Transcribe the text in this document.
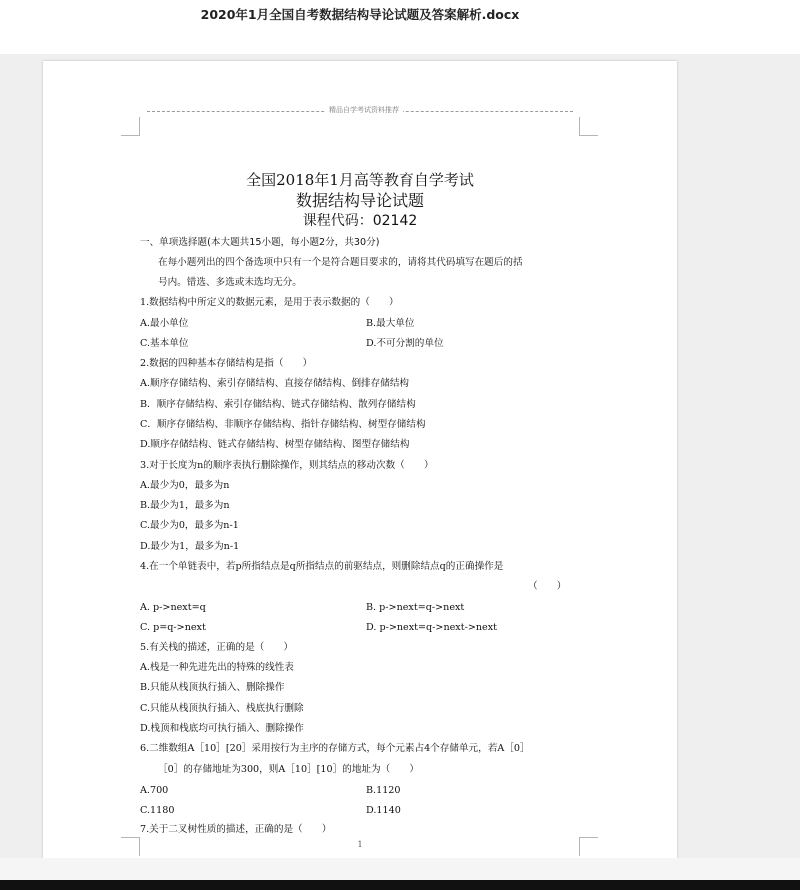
2020年1月全国自考数据结构导论试题及答案解析.docx
精品自学考试资料推荐
全国2018年1月高等教育自学考试
数据结构导论试题
课程代码：02142
一、单项选择题(本大题共15小题，每小题2分，共30分)
在每小题列出的四个备选项中只有一个是符合题目要求的，请将其代码填写在题后的括
号内。错选、多选或未选均无分。
1.数据结构中所定义的数据元素，是用于表示数据的（　　）
A.最小单位	B.最大单位
C.基本单位	D.不可分割的单位
2.数据的四种基本存储结构是指（　　）
A.顺序存储结构、索引存储结构、直接存储结构、倒排存储结构
B．顺序存储结构、索引存储结构、链式存储结构、散列存储结构
C．顺序存储结构、非顺序存储结构、指针存储结构、树型存储结构
D.顺序存储结构、链式存储结构、树型存储结构、图型存储结构
3.对于长度为n的顺序表执行删除操作，则其结点的移动次数（　　）
A.最少为0，最多为n
B.最少为1，最多为n
C.最少为0，最多为n-1
D.最少为1，最多为n-1
4.在一个单链表中，若p所指结点是q所指结点的前驱结点，则删除结点q的正确操作是
（　　）
A. p->next=q	B. p->next=q->next
C. p=q->next	D. p->next=q->next->next
5.有关栈的描述，正确的是（　　）
A.栈是一种先进先出的特殊的线性表
B.只能从栈顶执行插入、删除操作
C.只能从栈顶执行插入、栈底执行删除
D.栈顶和栈底均可执行插入、删除操作
6.二维数组A［10］[20］采用按行为主序的存储方式，每个元素占4个存储单元，若A［0］
［0］的存储地址为300，则A［10］[10］的地址为（　　）
A.700	B.1120
C.1180	D.1140
7.关于二叉树性质的描述，正确的是（　　）
1
